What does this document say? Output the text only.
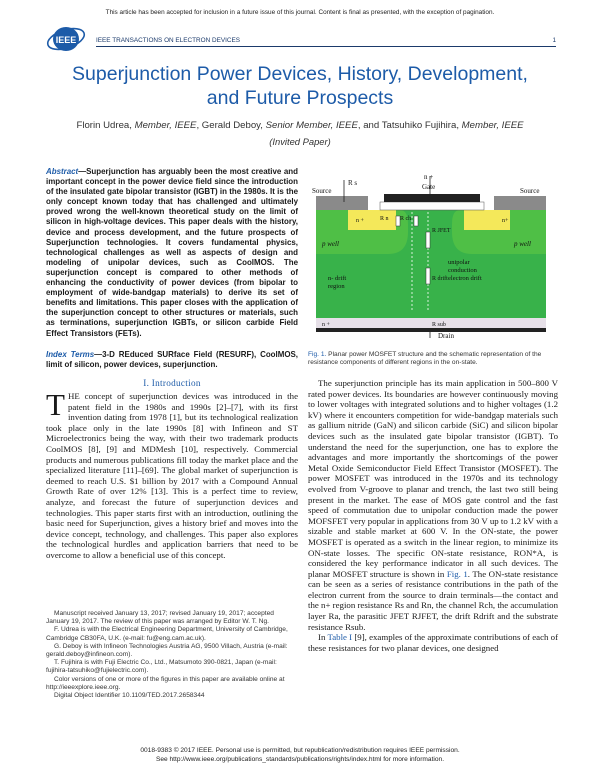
This article has been accepted for inclusion in a future issue of this journal. Content is final as presented, with the exception of pagination.
IEEE	IEEE TRANSACTIONS ON ELECTRON DEVICES	1
Superjunction Power Devices, History, Development, and Future Prospects
Florin Udrea, Member, IEEE, Gerald Deboy, Senior Member, IEEE, and Tatsuhiko Fujihira, Member, IEEE
(Invited Paper)
Abstract—Superjunction has arguably been the most creative and important concept in the power device field since the introduction of the insulated gate bipolar transistor (IGBT) in the 1980s. It is the only concept known today that has challenged and ultimately proved wrong the well-known theoretical study on the limit of silicon in high-voltage devices. This paper deals with the history, device and process development, and the future prospects of Superjunction technologies. It covers fundamental physics, technological challenges as well as aspects of design and modeling of unipolar devices, such as CoolMOS. The superjunction concept is compared to other methods of enhancing the conductivity of power devices (from bipolar to employment of wide-bandgap materials) to derive its set of benefits and limitations. This paper closes with the application of the superjunction concept to other structures or materials, such as terminations, superjunction IGBTs, or silicon carbide Field Effect Transistors (FETs).
Index Terms—3-D REduced SURface Field (RESURF), CoolMOS, limit of silicon, power devices, superjunction.
I. Introduction
THE concept of superjunction devices was introduced in the patent field in the 1980s and 1990s [2]–[7], with its first invention dating from 1978 [1], but its technological realization took place only in the late 1990s [8] with Infineon and ST Microelectronics being the way, with their two trademark products CoolMOS [8], [9] and MDMesh [10], respectively. Commercial products and numerous publications fill today the market place and the specialized literature [11]–[69]. The global market of superjunction is deemed to reach U.S. $1 billion by 2017 with a Compound Annual Growth Rate of over 12% [13]. This is a perfect time to review, analyze, and forecast the future of superjunction devices and technologies. This paper starts first with an introduction, outlining the basic need for Superjunction, gives a history brief and moves into the device concept, technology, and challenges. This paper also explores the technological hurdles and application barriers that need to be overcome to allow a beneficial use of this concept.

Manuscript received January 13, 2017; revised January 19, 2017; accepted January 19, 2017. The review of this paper was arranged by Editor W. T. Ng.

F. Udrea is with the Electrical Engineering Department, University of Cambridge, Cambridge CB30FA, U.K. (e-mail: fu@eng.cam.ac.uk).

G. Deboy is with Infineon Technologies Austria AG, 9500 Villach, Austria (e-mail: gerald.deboy@infineon.com).

T. Fujihira is with Fuji Electric Co., Ltd., Matsumoto 390-0821, Japan (e-mail: fujihira-tatsuhiko@fujielectric.com).

Color versions of one or more of the figures in this paper are available online at http://ieeexplore.ieee.org.

Digital Object Identifier 10.1109/TED.2017.2658344

Source	Source
Gate
n +
R s
R n R ch
R JFET
n +	n+
p well	p well
unipolar conduction electron drift
n- drift region
R drift
n +	R sub
Drain
Fig. 1. Planar power MOSFET structure and the schematic representation of the resistance components of different regions in the on-state.

The superjunction principle has its main application in 500–800 V rated power devices. Its boundaries are however continuously moving to lower voltages with integrated solutions and to higher voltages (1.2 kV) where it encounters competition for wide-bandgap materials such as gallium nitride (GaN) and silicon carbide (SiC) and silicon bipolar devices such as the insulated gate bipolar transistor (IGBT). To understand the need for the superjunction, one has to explore the advantages and more importantly the shortcomings of the power Metal Oxide Semiconductor Field Effect Transistor (MOSFET). The power MOSFET was introduced in the 1970s and its technology evolved from V-groove to planar and trench, the last two still being present in the market. The ease of MOS gate control and the fast speed of commutation due to unipolar conduction made the power MOFSFET very popular in applications from 30 V up to 1.2 kV with a sizable and stable market at 600 V. In the ON-state, the power MOSFET is operated as a switch in the linear region, to minimize its ON-state losses. The specific ON-state resistance, RON*A, is considered the key performance indicator in all such devices. The planar MOSFET structure is shown in Fig. 1. The ON-state resistance can be seen as a series of resistance contributions in the path of the electron current from the source to drain terminals—the contact and the n+ region resistance Rs and Rn, the channel Rch, the accumulation layer Ra, the parasitic JFET RJFET, the drift Rdrift and the substrate resistance Rsub.

In Table I [9], examples of the approximate contributions of each of these resistances for two planar devices, one designed

0018-9383 © 2017 IEEE. Personal use is permitted, but republication/redistribution requires IEEE permission.
See http://www.ieee.org/publications_standards/publications/rights/index.html for more information.
